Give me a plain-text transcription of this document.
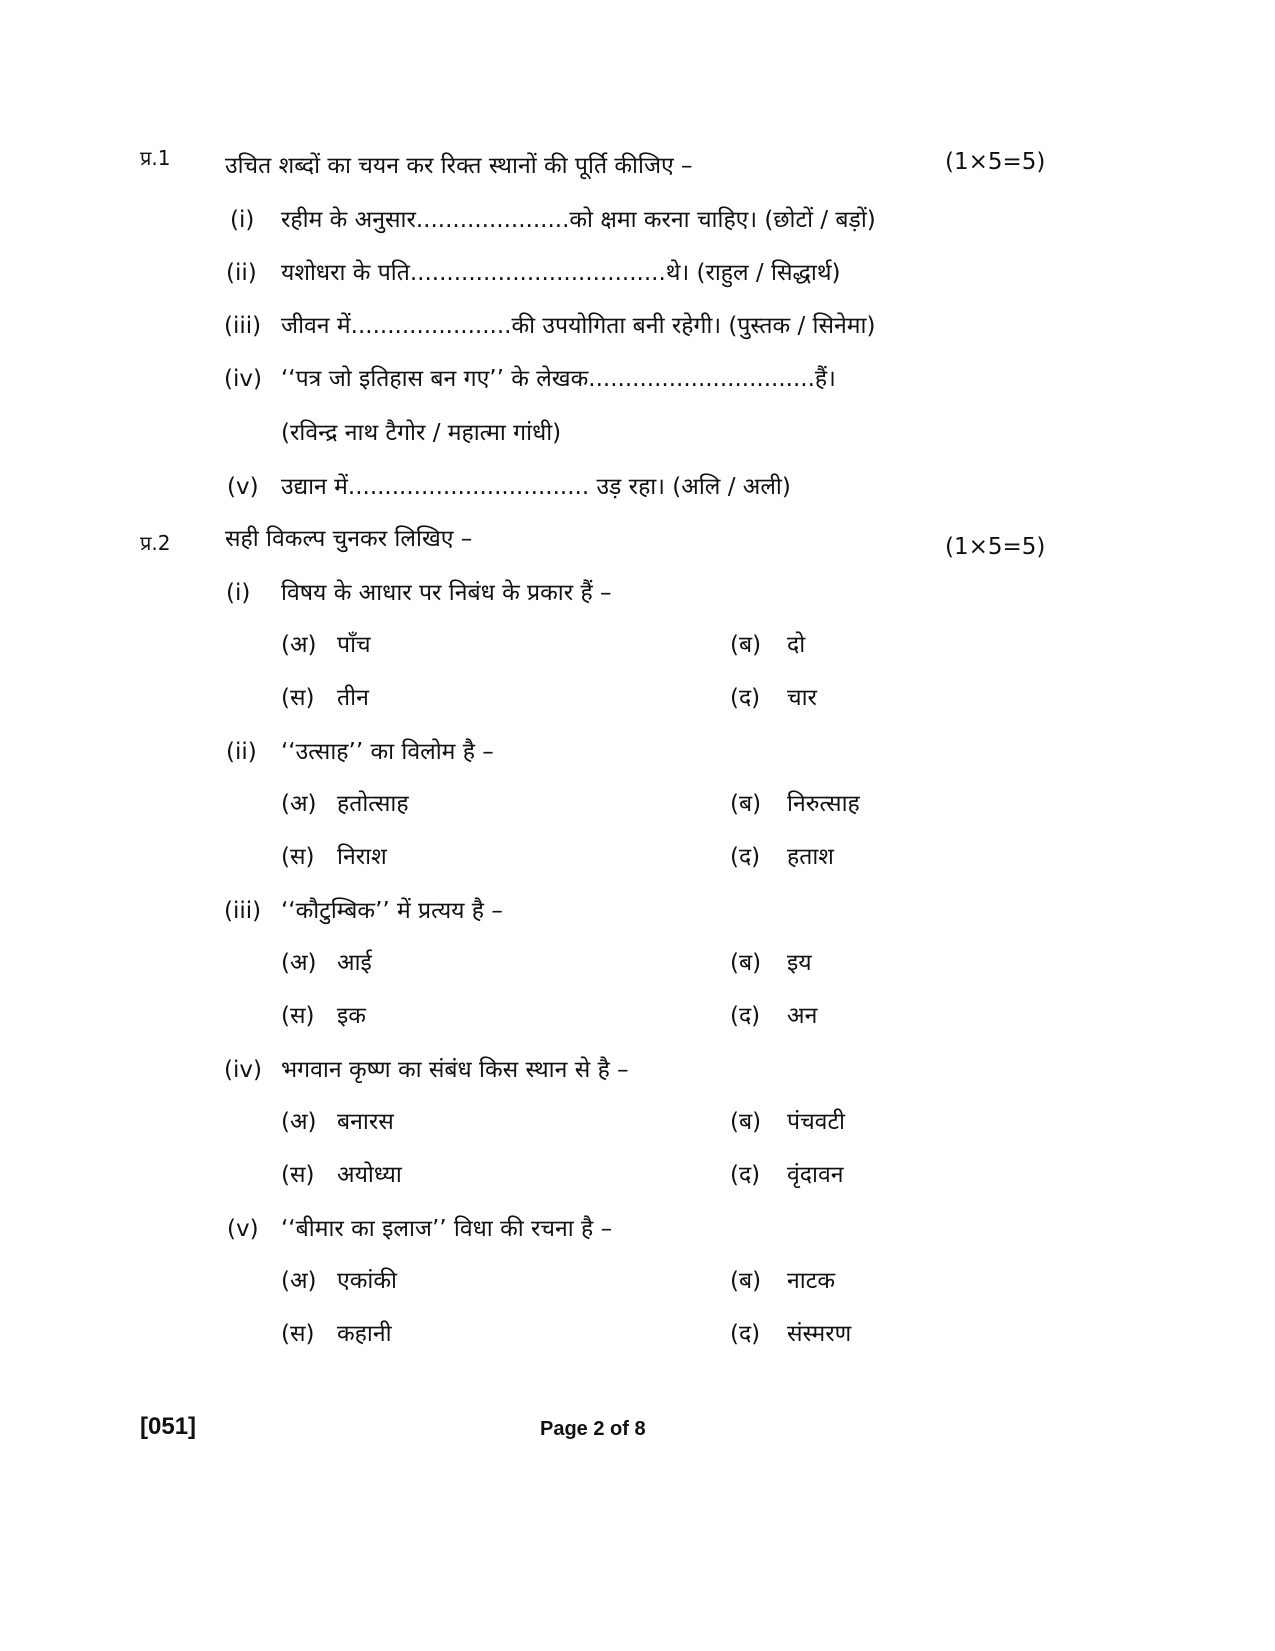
प्र.1 उचित शब्दों का चयन कर रिक्त स्थानों की पूर्ति कीजिए –	(1×5=5)
(i) रहीम के अनुसार.....................को क्षमा करना चाहिए। (छोटों / बड़ों)
(ii) यशोधरा के पति...................................थे। (राहुल / सिद्धार्थ)
(iii) जीवन में......................की उपयोगिता बनी रहेगी। (पुस्तक / सिनेमा)
(iv) ‘‘पत्र जो इतिहास बन गए’’ के लेखक...............................हैं।
(रविन्द्र नाथ टैगोर / महात्मा गांधी)
(v) उद्यान में................................. उड़ रहा। (अलि / अली)
प्र.2 सही विकल्प चुनकर लिखिए –	(1×5=5)
(i) विषय के आधार पर निबंध के प्रकार हैं –
(अ) पाँच	(ब) दो
(स) तीन	(द) चार
(ii) ‘‘उत्साह’’ का विलोम है –
(अ) हतोत्साह	(ब) निरुत्साह
(स) निराश	(द) हताश
(iii) ‘‘कौटुम्बिक’’ में प्रत्यय है –
(अ) आई	(ब) इय
(स) इक	(द) अन
(iv) भगवान कृष्ण का संबंध किस स्थान से है –
(अ) बनारस	(ब) पंचवटी
(स) अयोध्या	(द) वृंदावन
(v) ‘‘बीमार का इलाज’’ विधा की रचना है –
(अ) एकांकी	(ब) नाटक
(स) कहानी	(द) संस्मरण
[051]	Page 2 of 8
